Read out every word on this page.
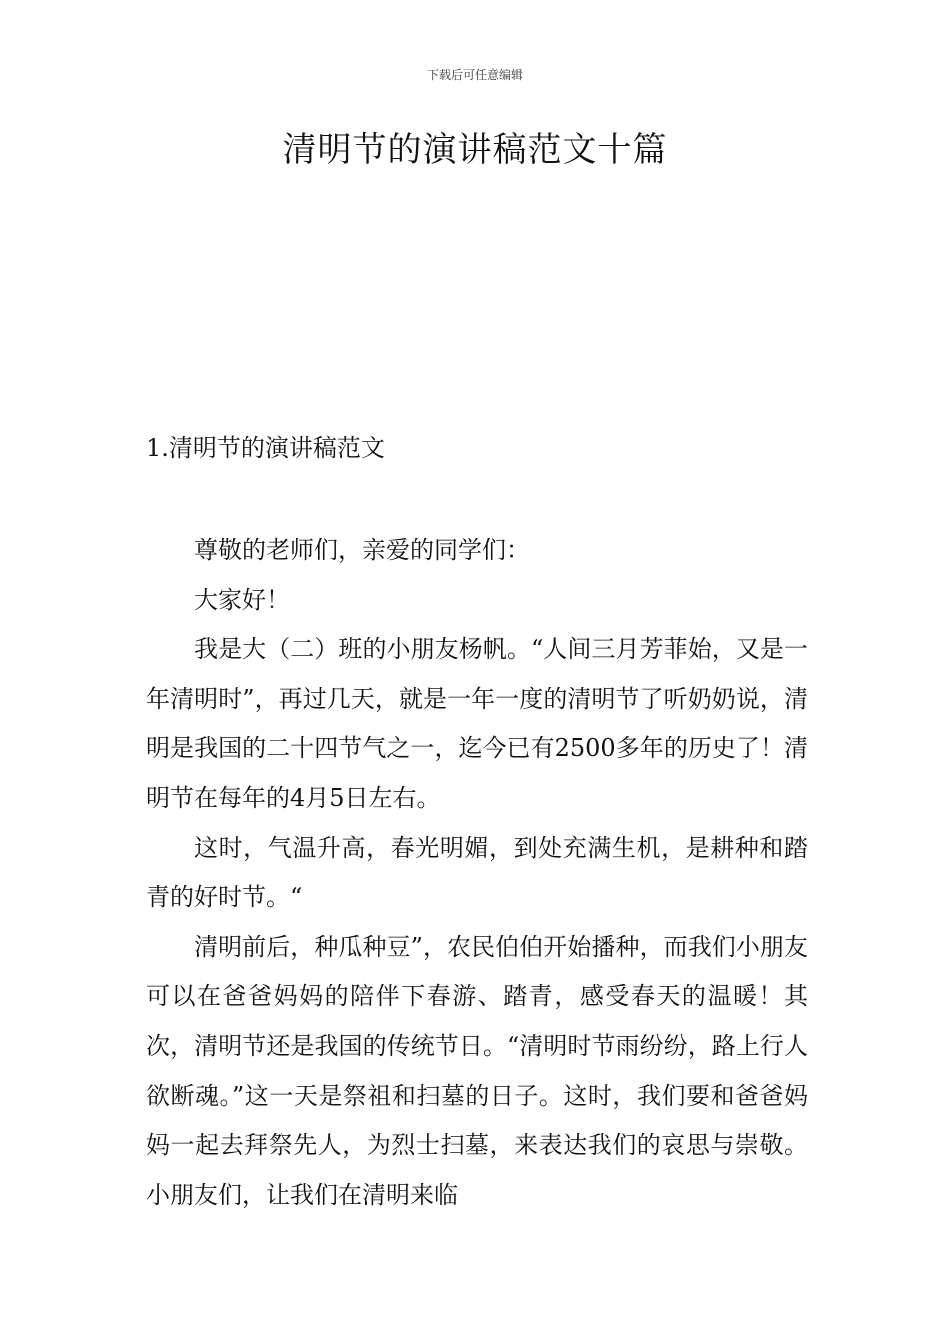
下载后可任意编辑
清明节的演讲稿范文十篇
1.清明节的演讲稿范文

尊敬的老师们，亲爱的同学们：

大家好！

我是大（二）班的小朋友杨帆。“人间三月芳菲始，又是一年清明时”，再过几天，就是一年一度的清明节了听奶奶说，清明是我国的二十四节气之一，迄今已有2500多年的历史了！清明节在每年的4月5日左右。

这时，气温升高，春光明媚，到处充满生机，是耕种和踏青的好时节。“

清明前后，种瓜种豆”，农民伯伯开始播种，而我们小朋友可以在爸爸妈妈的陪伴下春游、踏青，感受春天的温暖！其次，清明节还是我国的传统节日。“清明时节雨纷纷，路上行人欲断魂。”这一天是祭祖和扫墓的日子。这时，我们要和爸爸妈妈一起去拜祭先人，为烈士扫墓，来表达我们的哀思与崇敬。小朋友们，让我们在清明来临
